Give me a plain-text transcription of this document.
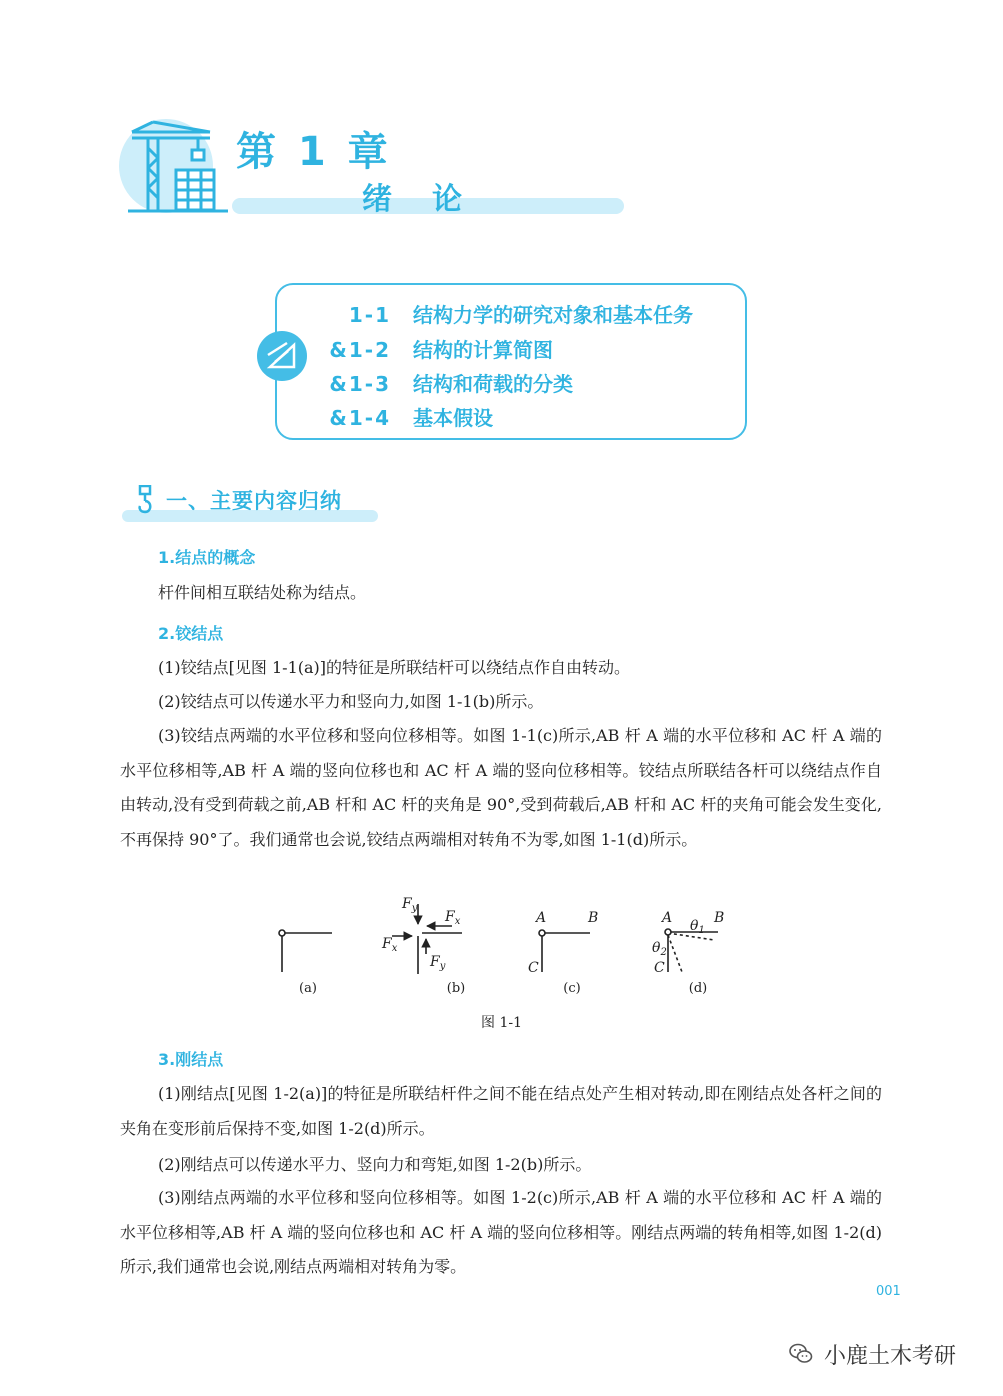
第 1 章
绪论
1-1 结构力学的研究对象和基本任务
&1-2 结构的计算简图
&1-3 结构和荷载的分类
&1-4 基本假设
一、主要内容归纳
1.结点的概念
杆件间相互联结处称为结点。
2.铰结点
(1)铰结点[见图 1-1(a)]的特征是所联结杆可以绕结点作自由转动。
(2)铰结点可以传递水平力和竖向力,如图 1-1(b)所示。
(3)铰结点两端的水平位移和竖向位移相等。如图 1-1(c)所示,AB 杆 A 端的水平位移和 AC 杆 A 端的水平位移相等,AB 杆 A 端的竖向位移也和 AC 杆 A 端的竖向位移相等。铰结点所联结各杆可以绕结点作自由转动,没有受到荷载之前,AB 杆和 AC 杆的夹角是 90°,受到荷载后,AB 杆和 AC 杆的夹角可能会发生变化,不再保持 90°了。我们通常也会说,铰结点两端相对转角不为零,如图 1-1(d)所示。
$F_y$
$F_x$
$F_x$
$F_y$
A	B
C
A $\theta_1$
B
$\theta_2$
C
(a)	(b)	(c)	(d)
图 1-1
3.刚结点
(1)刚结点[见图 1-2(a)]的特征是所联结杆件之间不能在结点处产生相对转动,即在刚结点处各杆之间的夹角在变形前后保持不变,如图 1-2(d)所示。
(2)刚结点可以传递水平力、竖向力和弯矩,如图 1-2(b)所示。
(3)刚结点两端的水平位移和竖向位移相等。如图 1-2(c)所示,AB 杆 A 端的水平位移和 AC 杆 A 端的水平位移相等,AB 杆 A 端的竖向位移也和 AC 杆 A 端的竖向位移相等。刚结点两端的转角相等,如图 1-2(d)所示,我们通常也会说,刚结点两端相对转角为零。
001
小鹿土木考研
